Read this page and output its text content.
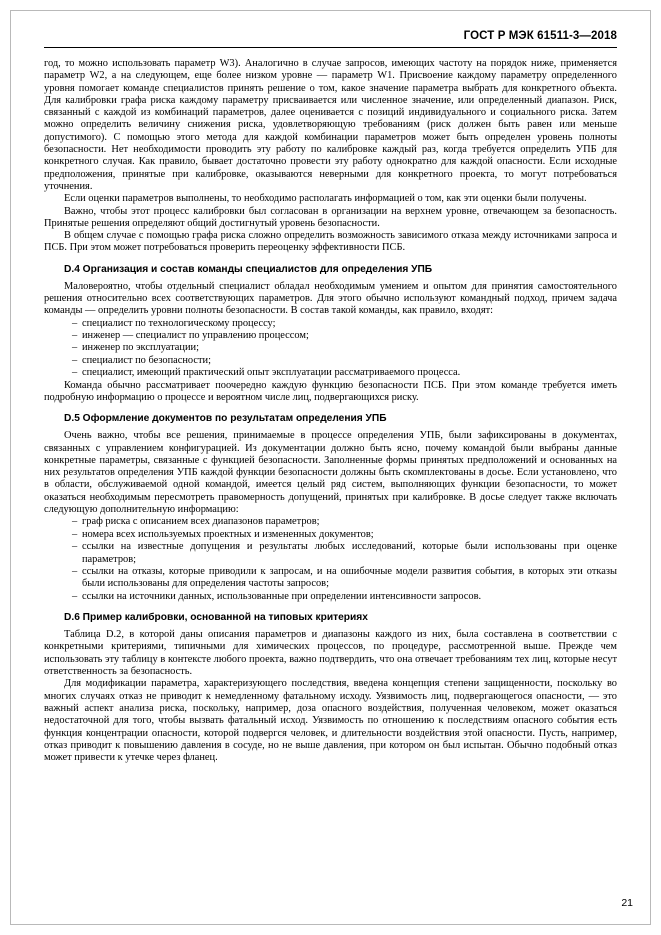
ГОСТ Р МЭК 61511-3—2018

год, то можно использовать параметр W3). Аналогично в случае запросов, имеющих частоту на порядок ниже, применяется параметр W2, а на следующем, еще более низком уровне — параметр W1. Присвоение каждому параметру определенного уровня помогает команде специалистов принять решение о том, какое значение параметра выбрать для конкретного объекта. Для калибровки графа риска каждому параметру присваивается или численное значение, или определенный диапазон. Риск, связанный с каждой из комбинаций параметров, далее оценивается с позиций индивидуального и социального риска. Затем можно определить величину снижения риска, удовлетворяющую требованиям (риск должен быть равен или меньше допустимого). С помощью этого метода для каждой комбинации параметров может быть определен уровень полноты безопасности. Нет необходимости проводить эту работу по калибровке каждый раз, когда требуется определить УПБ для конкретного случая. Как правило, бывает достаточно провести эту работу однократно для каждой опасности. Если исходные предположения, принятые при калибровке, оказываются неверными для конкретного проекта, то могут потребоваться уточнения.

Если оценки параметров выполнены, то необходимо располагать информацией о том, как эти оценки были получены.

Важно, чтобы этот процесс калибровки был согласован в организации на верхнем уровне, отвечающем за безопасность. Принятые решения определяют общий достигнутый уровень безопасности.

В общем случае с помощью графа риска сложно определить возможность зависимого отказа между источниками запроса и ПСБ. При этом может потребоваться проверить переоценку эффективности ПСБ.

D.4 Организация и состав команды специалистов для определения УПБ

Маловероятно, чтобы отдельный специалист обладал необходимым умением и опытом для принятия самостоятельного решения относительно всех соответствующих параметров. Для этого обычно используют командный подход, причем задача команды — определить уровни полноты безопасности. В состав такой команды, как правило, входят:

– специалист по технологическому процессу;
– инженер — специалист по управлению процессом;
– инженер по эксплуатации;
– специалист по безопасности;
– специалист, имеющий практический опыт эксплуатации рассматриваемого процесса.

Команда обычно рассматривает поочередно каждую функцию безопасности ПСБ. При этом команде требуется иметь подробную информацию о процессе и вероятном числе лиц, подвергающихся риску.

D.5 Оформление документов по результатам определения УПБ

Очень важно, чтобы все решения, принимаемые в процессе определения УПБ, были зафиксированы в документах, связанных с управлением конфигурацией. Из документации должно быть ясно, почему командой были выбраны данные конкретные параметры, связанные с функцией безопасности. Заполненные формы принятых предположений и основанных на них результатов определения УПБ каждой функции безопасности должны быть скомплектованы в досье. Если установлено, что в области, обслуживаемой одной командой, имеется целый ряд систем, выполняющих функции безопасности, то может оказаться необходимым пересмотреть правомерность допущений, принятых при калибровке. В досье следует также включать следующую дополнительную информацию:

– граф риска с описанием всех диапазонов параметров;
– номера всех используемых проектных и измененных документов;
– ссылки на известные допущения и результаты любых исследований, которые были использованы при оценке параметров;
– ссылки на отказы, которые приводили к запросам, и на ошибочные модели развития события, в которых эти отказы были использованы для определения частоты запросов;
– ссылки на источники данных, использованные при определении интенсивности запросов.
D.6 Пример калибровки, основанной на типовых критериях

Таблица D.2, в которой даны описания параметров и диапазоны каждого из них, была составлена в соответствии с конкретными критериями, типичными для химических процессов, по процедуре, рассмотренной выше. Прежде чем использовать эту таблицу в контексте любого проекта, важно подтвердить, что она отвечает требованиям тех лиц, которые несут ответственность за безопасность.

Для модификации параметра, характеризующего последствия, введена концепция степени защищенности, поскольку во многих случаях отказ не приводит к немедленному фатальному исходу. Уязвимость лиц, подвергающегося опасности, — это важный аспект анализа риска, поскольку, например, доза опасного воздействия, полученная человеком, может оказаться недостаточной для того, чтобы вызвать фатальный исход. Уязвимость по отношению к последствиям опасного события есть функция концентрации опасности, которой подвергся человек, и длительности воздействия этой опасности. Пусть, например, отказ приводит к повышению давления в сосуде, но не выше давления, при котором он был испытан. Обычно подобный отказ может привести к утечке через фланец.

21
